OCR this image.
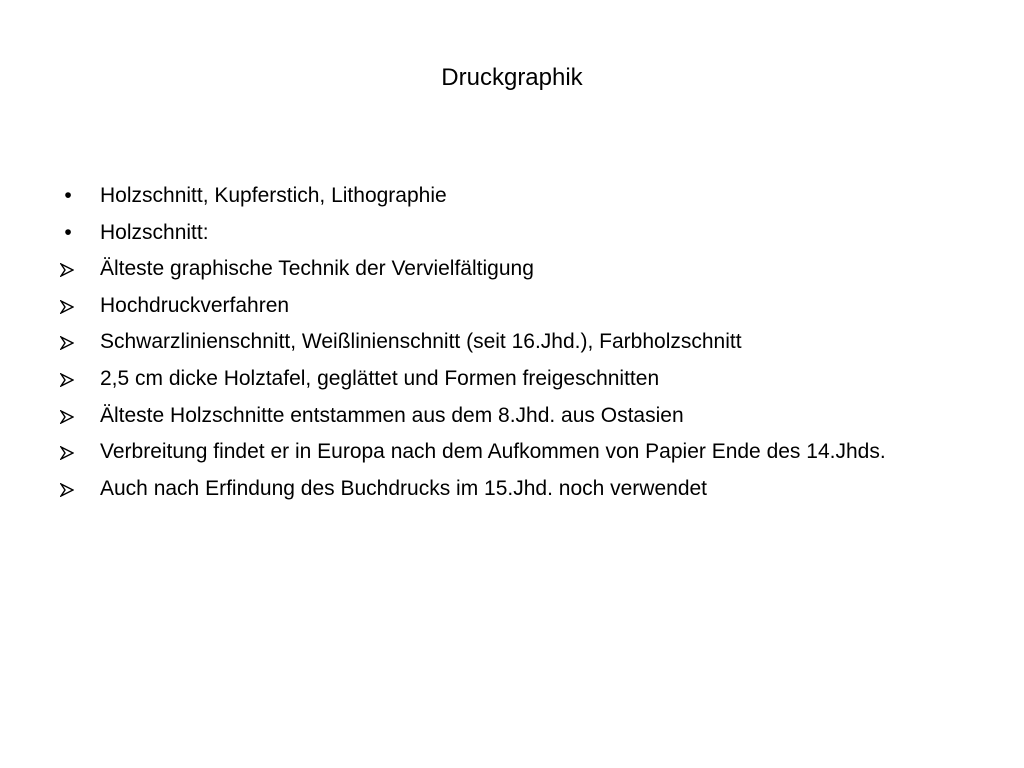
Druckgraphik
•	Holzschnitt, Kupferstich, Lithographie
•	Holzschnitt:
Älteste graphische Technik der Vervielfältigung
Hochdruckverfahren
Schwarzlinienschnitt, Weißlinienschnitt (seit 16.Jhd.), Farbholzschnitt
2,5 cm dicke Holztafel, geglättet und Formen freigeschnitten
Älteste Holzschnitte entstammen aus dem 8.Jhd. aus Ostasien
Verbreitung findet er in Europa nach dem Aufkommen von Papier Ende des 14.Jhds.
Auch nach Erfindung des Buchdrucks im 15.Jhd. noch verwendet
